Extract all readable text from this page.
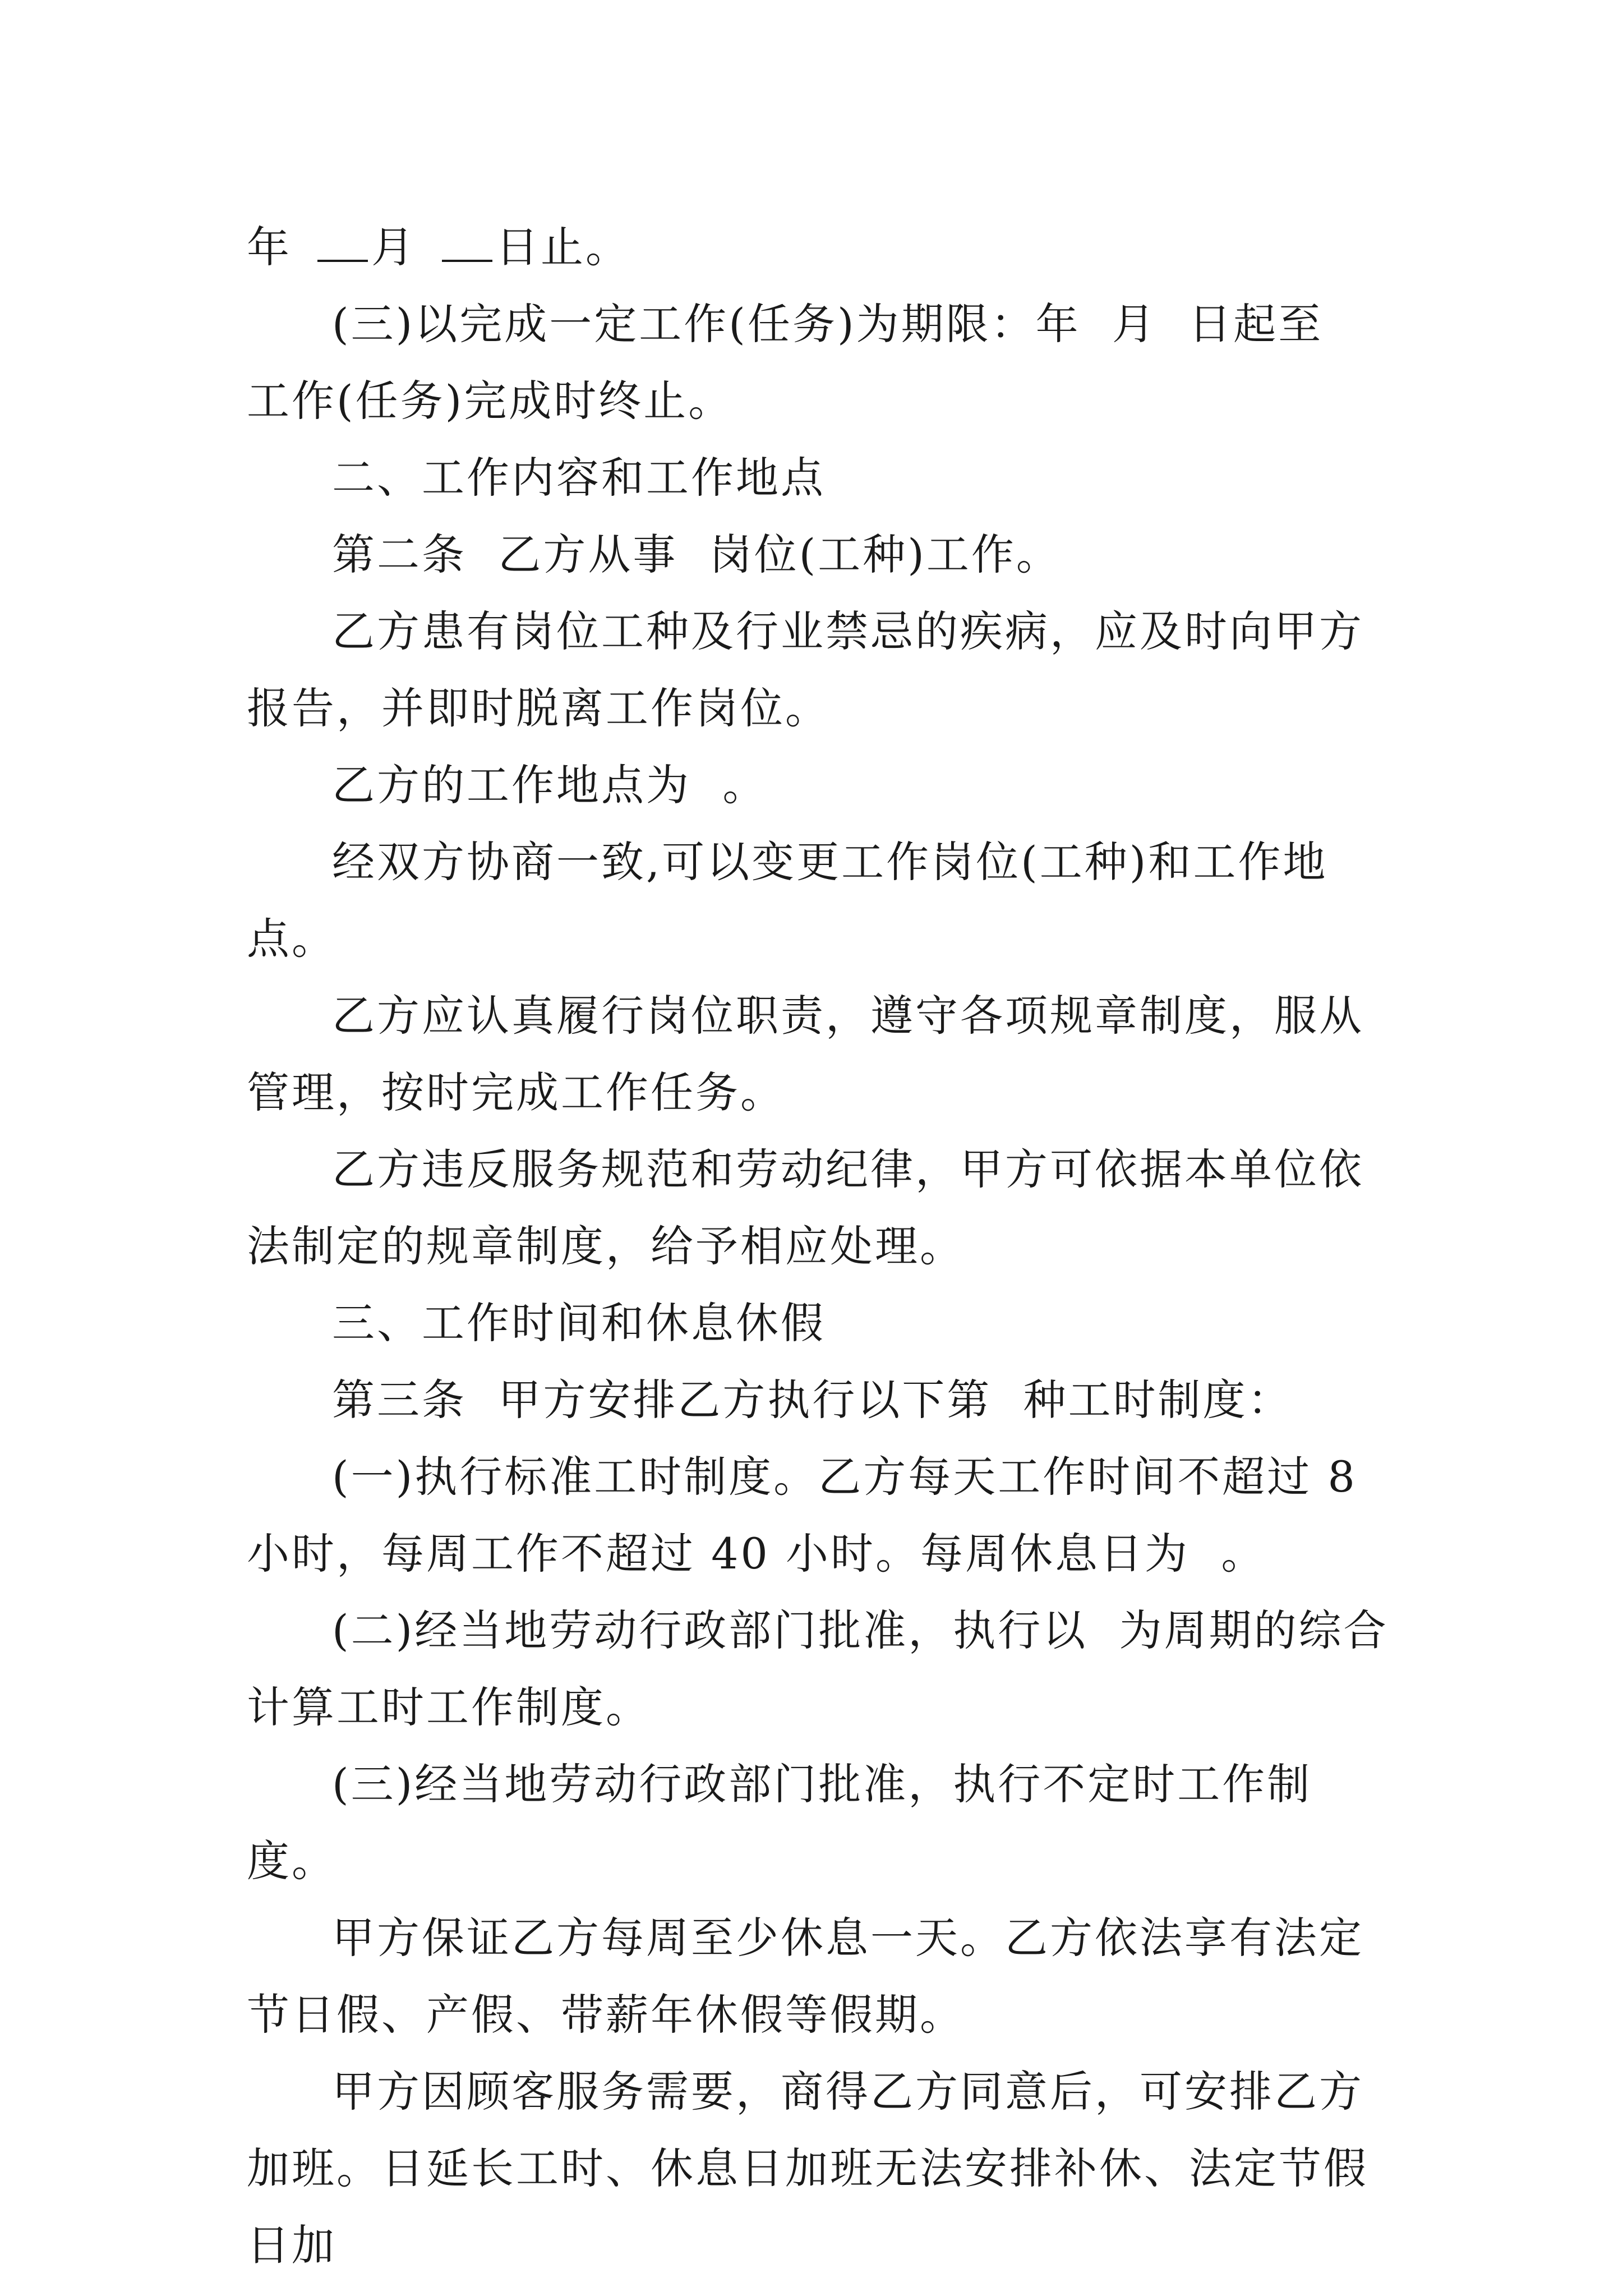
年 月 日止。

(三)以完成一定工作(任务)为期限：年  月  日起至  工作(任务)完成时终止。

二、工作内容和工作地点

第二条  乙方从事  岗位(工种)工作。

乙方患有岗位工种及行业禁忌的疾病，应及时向甲方报告，并即时脱离工作岗位。

乙方的工作地点为  。

经双方协商一致,可以变更工作岗位(工种)和工作地点。

乙方应认真履行岗位职责，遵守各项规章制度，服从管理，按时完成工作任务。

乙方违反服务规范和劳动纪律，甲方可依据本单位依法制定的规章制度，给予相应处理。

三、工作时间和休息休假

第三条  甲方安排乙方执行以下第  种工时制度：

(一)执行标准工时制度。乙方每天工作时间不超过 8 小时，每周工作不超过 40 小时。每周休息日为  。

(二)经当地劳动行政部门批准，执行以  为周期的综合计算工时工作制度。

(三)经当地劳动行政部门批准，执行不定时工作制度。

甲方保证乙方每周至少休息一天。乙方依法享有法定节日假、产假、带薪年休假等假期。

甲方因顾客服务需要，商得乙方同意后，可安排乙方加班。日延长工时、休息日加班无法安排补休、法定节假日加
